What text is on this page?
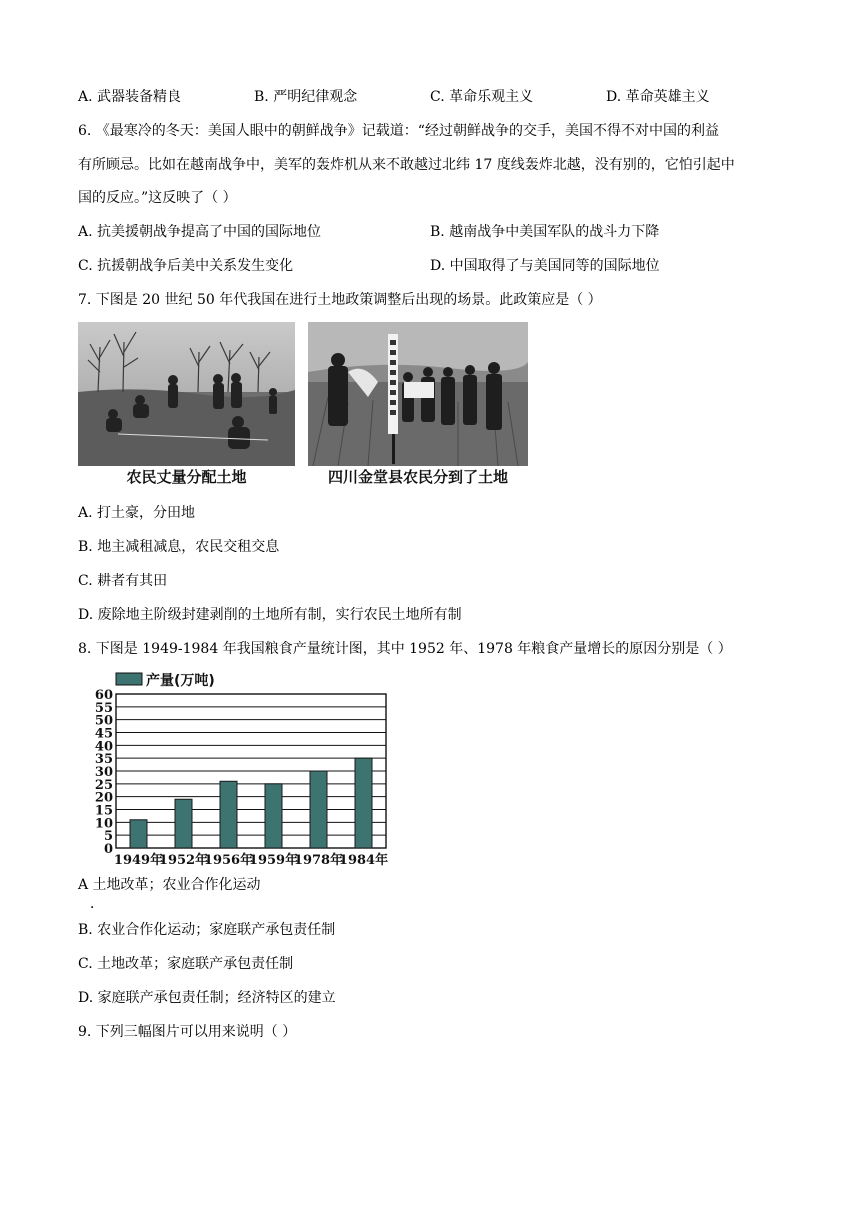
A. 武器装备精良	B. 严明纪律观念	C. 革命乐观主义	D. 革命英雄主义
6. 《最寒冷的冬天：美国人眼中的朝鲜战争》记载道：“经过朝鲜战争的交手，美国不得不对中国的利益
有所顾忌。比如在越南战争中，美军的轰炸机从来不敢越过北纬 17 度线轰炸北越，没有别的，它怕引起中
国的反应。”这反映了（ ）
A. 抗美援朝战争提高了中国的国际地位	B. 越南战争中美国军队的战斗力下降
C. 抗援朝战争后美中关系发生变化	D. 中国取得了与美国同等的国际地位
7. 下图是 20 世纪 50 年代我国在进行土地政策调整后出现的场景。此政策应是（ ）
农民丈量分配土地	四川金堂县农民分到了土地
A. 打土豪，分田地
B. 地主减租减息，农民交租交息
C. 耕者有其田
D. 废除地主阶级封建剥削的土地所有制，实行农民土地所有制
8. 下图是 1949-1984 年我国粮食产量统计图，其中 1952 年、1978 年粮食产量增长的原因分别是（ ）
0
5
10
15
20
25
30
35
40
45
50
55
60
1949年
1952年
1956年
1959年
1978年
1984年
产量(万吨)
A 土地改革；农业合作化运动
．
B. 农业合作化运动；家庭联产承包责任制
C. 土地改革；家庭联产承包责任制
D. 家庭联产承包责任制；经济特区的建立
9. 下列三幅图片可以用来说明（ ）
